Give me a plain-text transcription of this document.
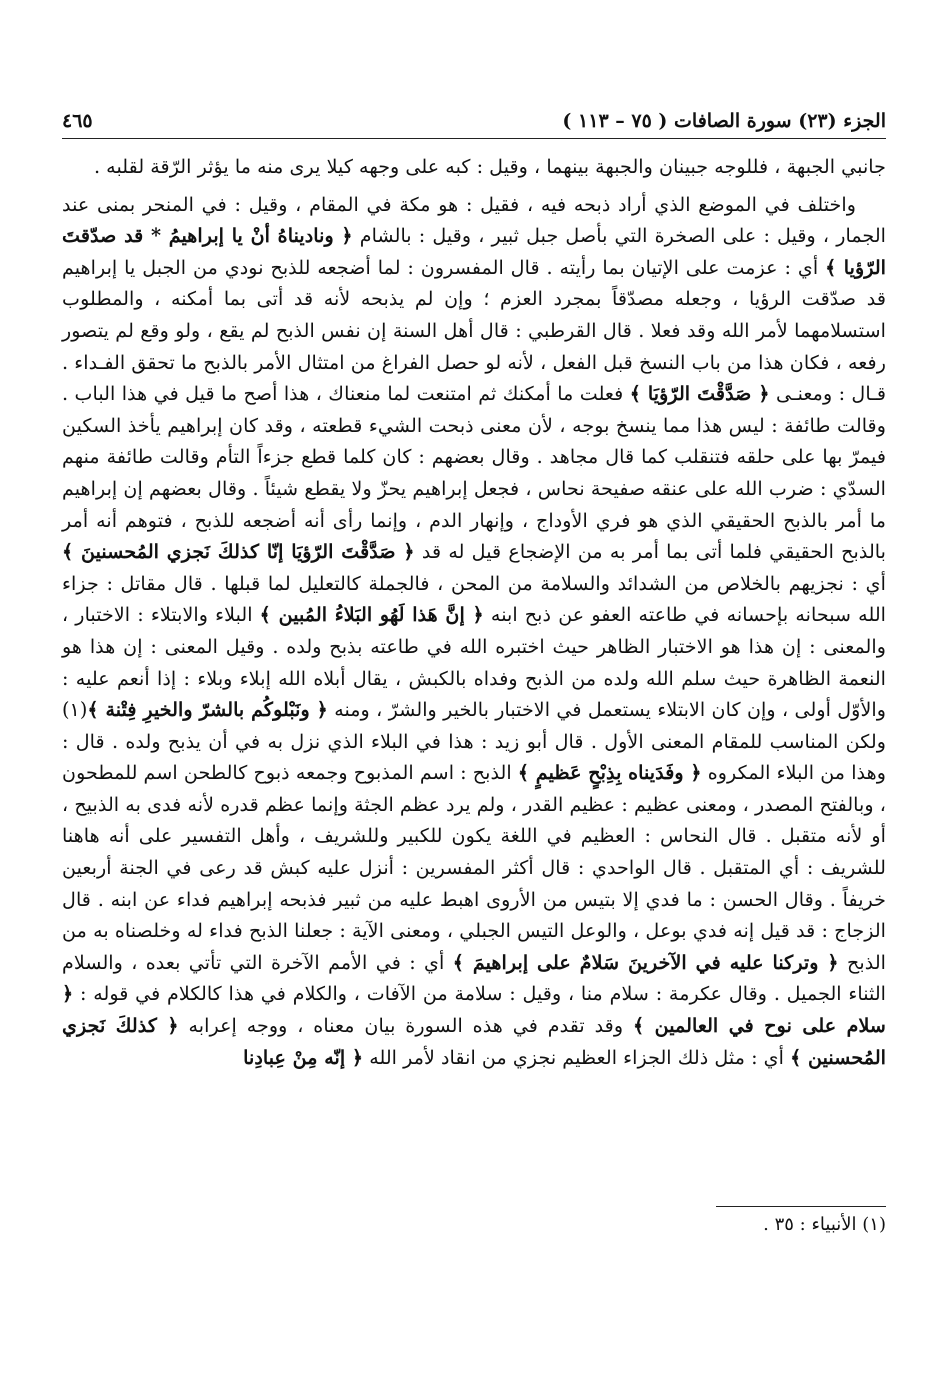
الجزء (٢٣) سورة الصافات ( ٧٥ – ١١٣ )
٤٦٥

جانبي الجبهة ، فللوجه جبينان والجبهة بينهما ، وقيل : كبه على وجهه كيلا يرى منه ما يؤثر الرّقة لقلبه .

واختلف في الموضع الذي أراد ذبحه فيه ، فقيل : هو مكة في المقام ، وقيل : في المنحر بمنى عند الجمار ، وقيل : على الصخرة التي بأصل جبل ثبير ، وقيل : بالشام ﴿ وناديناهُ أنْ يا إبراهيمُ * قد صدّقتَ الرّؤيا ﴾ أي : عزمت على الإتيان بما رأيته . قال المفسرون : لما أضجعه للذبح نودي من الجبل يا إبراهيم قد صدّقت الرؤيا ، وجعله مصدّقاً بمجرد العزم ؛ وإن لم يذبحه لأنه قد أتى بما أمكنه ، والمطلوب استسلامهما لأمر الله وقد فعلا . قال القرطبي : قال أهل السنة إن نفس الذبح لم يقع ، ولو وقع لم يتصور رفعه ، فكان هذا من باب النسخ قبل الفعل ، لأنه لو حصل الفراغ من امتثال الأمر بالذبح ما تحقق الفـداء . قـال : ومعنـى ﴿ صَدَّقْتَ الرّؤيَا ﴾ فعلت ما أمكنك ثم امتنعت لما منعناك ، هذا أصح ما قيل في هذا الباب . وقالت طائفة : ليس هذا مما ينسخ بوجه ، لأن معنى ذبحت الشيء قطعته ، وقد كان إبراهيم يأخذ السكين فيمرّ بها على حلقه فتنقلب كما قال مجاهد . وقال بعضهم : كان كلما قطع جزءاً التأم وقالت طائفة منهم السدّي : ضرب الله على عنقه صفيحة نحاس ، فجعل إبراهيم يحزّ ولا يقطع شيئاً . وقال بعضهم إن إبراهيم ما أمر بالذبح الحقيقي الذي هو فري الأوداج ، وإنهار الدم ، وإنما رأى أنه أضجعه للذبح ، فتوهم أنه أمر بالذبح الحقيقي فلما أتى بما أمر به من الإضجاع قيل له قد ﴿ صَدَّقْتَ الرّؤيَا إنّا كذلكَ نَجزي المُحسنينَ ﴾ أي : نجزيهم بالخلاص من الشدائد والسلامة من المحن ، فالجملة كالتعليل لما قبلها . قال مقاتل : جزاء الله سبحانه بإحسانه في طاعته العفو عن ذبح ابنه ﴿ إنَّ هَذا لَهُو البَلاءُ المُبين ﴾ البلاء والابتلاء : الاختبار ، والمعنى : إن هذا هو الاختبار الظاهر حيث اختبره الله في طاعته بذبح ولده . وقيل المعنى : إن هذا هو النعمة الظاهرة حيث سلم الله ولده من الذبح وفداه بالكبش ، يقال أبلاه الله إبلاء وبلاء : إذا أنعم عليه : والأوّل أولى ، وإن كان الابتلاء يستعمل في الاختبار بالخير والشرّ ، ومنه ﴿ ونَبْلوكُم بالشرّ والخيرِ فِتْنة ﴾(١) ولكن المناسب للمقام المعنى الأول . قال أبو زيد : هذا في البلاء الذي نزل به في أن يذبح ولده . قال : وهذا من البلاء المكروه ﴿ وفَدَيناه بِذِبْحٍ عَظيمٍ ﴾ الذبح : اسم المذبوح وجمعه ذبوح كالطحن اسم للمطحون ، وبالفتح المصدر ، ومعنى عظيم : عظيم القدر ، ولم يرد عظم الجثة وإنما عظم قدره لأنه فدى به الذبيح ، أو لأنه متقبل . قال النحاس : العظيم في اللغة يكون للكبير وللشريف ، وأهل التفسير على أنه هاهنا للشريف : أي المتقبل . قال الواحدي : قال أكثر المفسرين : أنزل عليه كبش قد رعى في الجنة أربعين خريفاً . وقال الحسن : ما فدي إلا بتيس من الأروى اهبط عليه من ثبير فذبحه إبراهيم فداء عن ابنه . قال الزجاج : قد قيل إنه فدي بوعل ، والوعل التيس الجبلي ، ومعنى الآية : جعلنا الذبح فداء له وخلصناه به من الذبح ﴿ وتركنا عليه في الآخرينَ سَلامٌ على إبراهيمَ ﴾ أي : في الأمم الآخرة التي تأتي بعده ، والسلام الثناء الجميل . وقال عكرمة : سلام منا ، وقيل : سلامة من الآفات ، والكلام في هذا كالكلام في قوله : ﴿ سلام على نوح في العالمين ﴾ وقد تقدم في هذه السورة بيان معناه ، ووجه إعرابه ﴿ كذلكَ نَجزي المُحسنين ﴾ أي : مثل ذلك الجزاء العظيم نجزي من انقاد لأمر الله ﴿ إنّه مِنْ عِبادِنا

(١) الأنبياء : ٣٥ .
